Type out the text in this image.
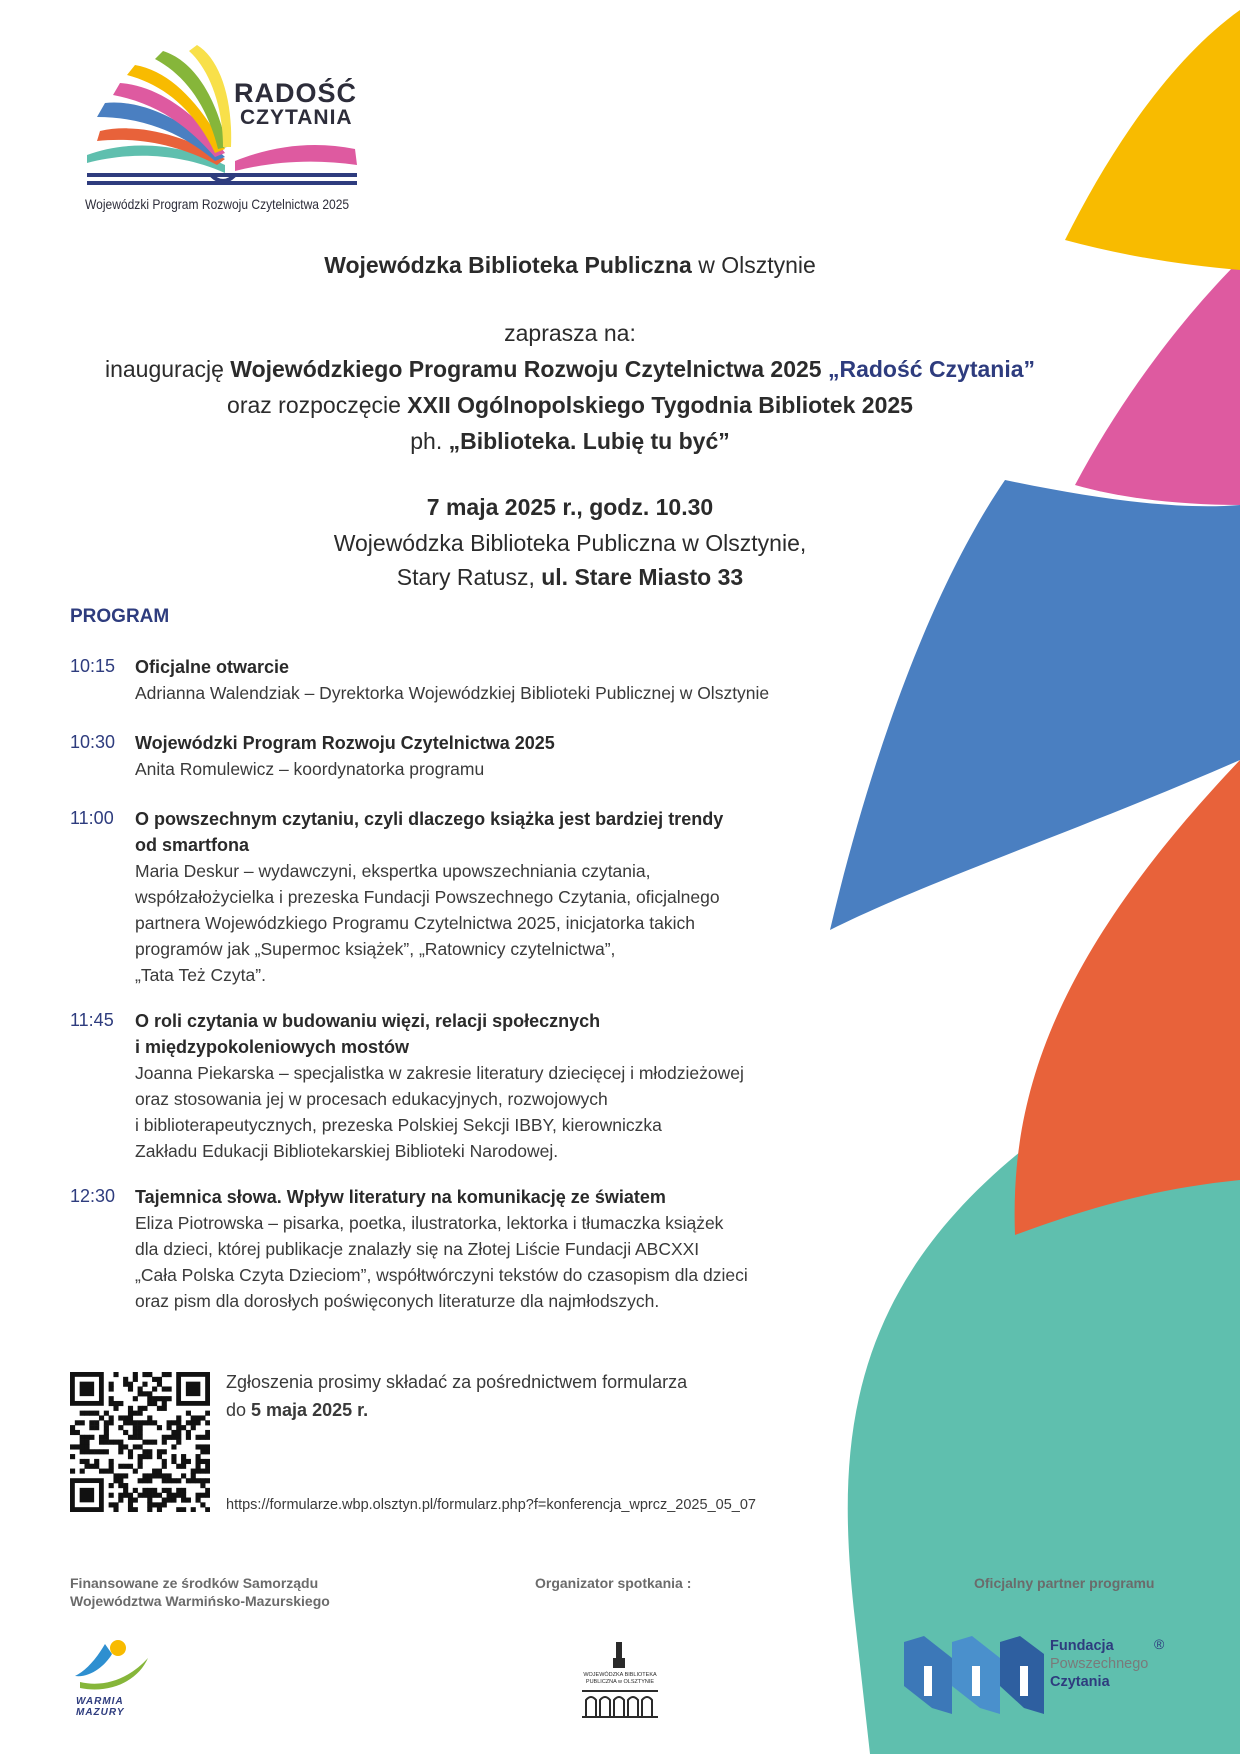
RADOŚĆ
CZYTANIA
Wojewódzki Program Rozwoju Czytelnictwa 2025
Wojewódzka Biblioteka Publiczna w Olsztynie
zaprasza na:
inaugurację Wojewódzkiego Programu Rozwoju Czytelnictwa 2025 „Radość Czytania”
oraz rozpoczęcie XXII Ogólnopolskiego Tygodnia Bibliotek 2025
ph. „Biblioteka. Lubię tu być”
7 maja 2025 r., godz. 10.30
Wojewódzka Biblioteka Publiczna w Olsztynie,
Stary Ratusz, ul. Stare Miasto 33
PROGRAM
10:15	Oficjalne otwarcie
Adrianna Walendziak – Dyrektorka Wojewódzkiej Biblioteki Publicznej w Olsztynie
10:30	Wojewódzki Program Rozwoju Czytelnictwa 2025
Anita Romulewicz – koordynatorka programu
11:00	O powszechnym czytaniu, czyli dlaczego książka jest bardziej trendy
od smartfona
Maria Deskur – wydawczyni, ekspertka upowszechniania czytania,
współzałożycielka i prezeska Fundacji Powszechnego Czytania, oficjalnego
partnera Wojewódzkiego Programu Czytelnictwa 2025, inicjatorka takich
programów jak „Supermoc książek”, „Ratownicy czytelnictwa”,
„Tata Też Czyta”.
11:45	O roli czytania w budowaniu więzi, relacji społecznych
i międzypokoleniowych mostów
Joanna Piekarska – specjalistka w zakresie literatury dziecięcej i młodzieżowej
oraz stosowania jej w procesach edukacyjnych, rozwojowych
i biblioterapeutycznych, prezeska Polskiej Sekcji IBBY, kierowniczka
Zakładu Edukacji Bibliotekarskiej Biblioteki Narodowej.
12:30	Tajemnica słowa. Wpływ literatury na komunikację ze światem
Eliza Piotrowska – pisarka, poetka, ilustratorka, lektorka i tłumaczka książek
dla dzieci, której publikacje znalazły się na Złotej Liście Fundacji ABCXXI
„Cała Polska Czyta Dzieciom”, współtwórczyni tekstów do czasopism dla dzieci
oraz pism dla dorosłych poświęconych literaturze dla najmłodszych.
Zgłoszenia prosimy składać za pośrednictwem formularza
do 5 maja 2025 r.
https://formularze.wbp.olsztyn.pl/formularz.php?f=konferencja_wprcz_2025_05_07
Finansowane ze środków Samorządu
Województwa Warmińsko-Mazurskiego
Organizator spotkania :	Oficjalny partner programu
WARMIA MAZURY
WOJEWÓDZKA BIBLIOTEKA
PUBLICZNA w OLSZTYNIE
Fundacja
Powszechnego
Czytania
®
